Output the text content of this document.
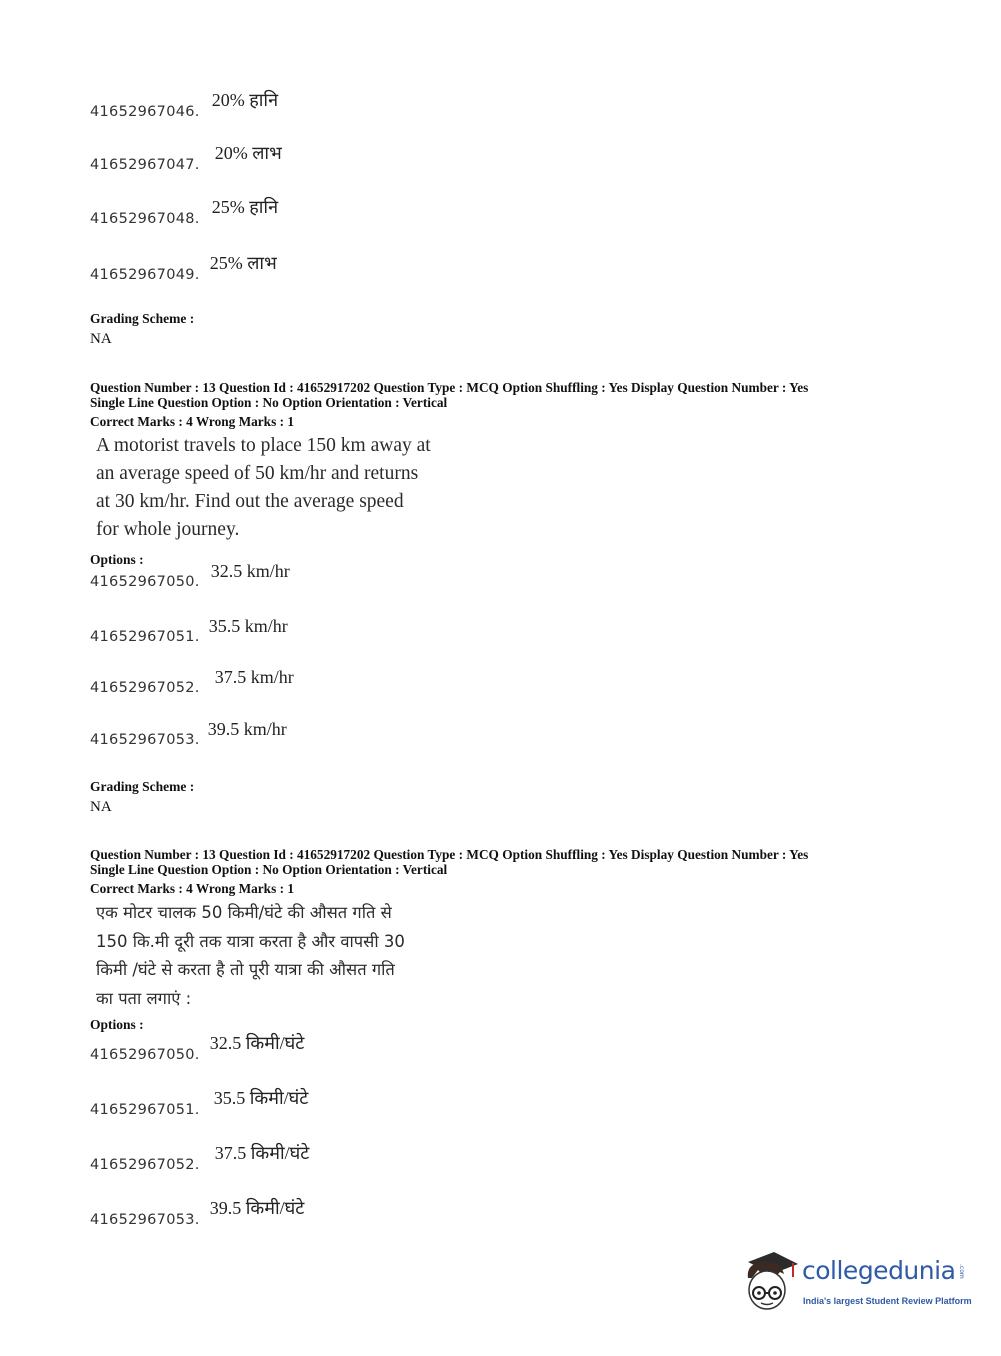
41652967046. 20% हानि
41652967047. 20% लाभ
41652967048. 25% हानि
41652967049. 25% लाभ
Grading Scheme :
NA
Question Number : 13 Question Id : 41652917202 Question Type : MCQ Option Shuffling : Yes Display Question Number : Yes
Single Line Question Option : No Option Orientation : Vertical
Correct Marks : 4 Wrong Marks : 1
A motorist travels to place 150 km away at
an average speed of 50 km/hr and returns
at 30 km/hr. Find out the average speed
for whole journey.
Options :
41652967050. 32.5 km/hr
41652967051. 35.5 km/hr
41652967052. 37.5 km/hr
41652967053. 39.5 km/hr
Grading Scheme :
NA
Question Number : 13 Question Id : 41652917202 Question Type : MCQ Option Shuffling : Yes Display Question Number : Yes
Single Line Question Option : No Option Orientation : Vertical
Correct Marks : 4 Wrong Marks : 1
एक मोटर चालक 50 किमी/घंटे की औसत गति से
150 कि.मी दूरी तक यात्रा करता है और वापसी 30
किमी /घंटे से करता है तो पूरी यात्रा की औसत गति
का पता लगाएं :
Options :
41652967050. 32.5 किमी/घंटे
41652967051. 35.5 किमी/घंटे
41652967052. 37.5 किमी/घंटे
41652967053. 39.5 किमी/घंटे
collegedunia .com
India's largest Student Review Platform
